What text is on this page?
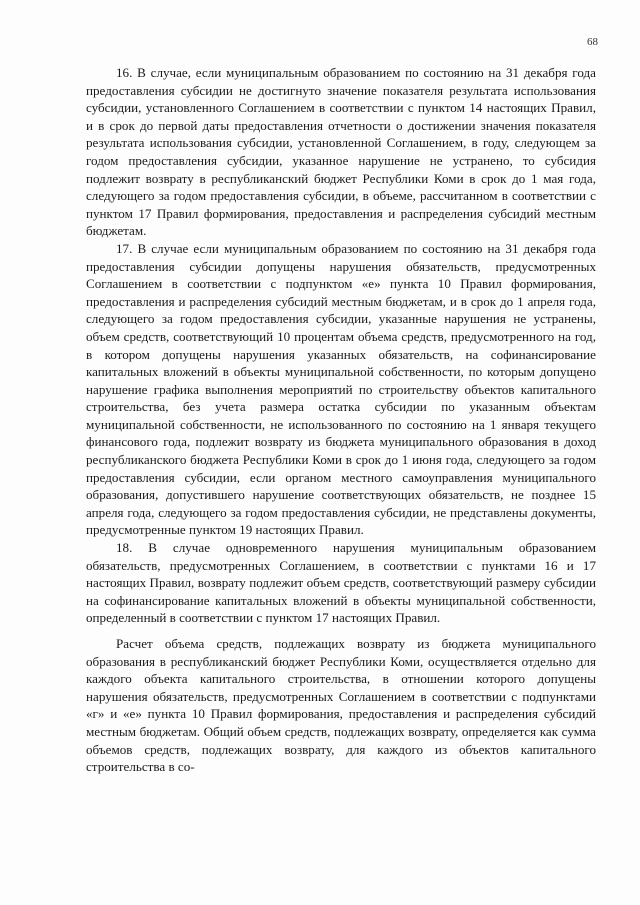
68

16. В случае, если муниципальным образованием по состоянию на 31 декабря года предоставления субсидии не достигнуто значение показателя результата использования субсидии, установленного Соглашением в соответствии с пунктом 14 настоящих Правил, и в срок до первой даты предоставления отчетности о достижении значения показателя результата использования субсидии, установленной Соглашением, в году, следующем за годом предоставления субсидии, указанное нарушение не устранено, то субсидия подлежит возврату в республиканский бюджет Республики Коми в срок до 1 мая года, следующего за годом предоставления субсидии, в объеме, рассчитанном в соответствии с пунктом 17 Правил формирования, предоставления и распределения субсидий местным бюджетам.

17. В случае если муниципальным образованием по состоянию на 31 декабря года предоставления субсидии допущены нарушения обязательств, предусмотренных Соглашением в соответствии с подпунктом «е» пункта 10 Правил формирования, предоставления и распределения субсидий местным бюджетам, и в срок до 1 апреля года, следующего за годом предоставления субсидии, указанные нарушения не устранены, объем средств, соответствующий 10 процентам объема средств, предусмотренного на год, в котором допущены нарушения указанных обязательств, на софинансирование капитальных вложений в объекты муниципальной собственности, по которым допущено нарушение графика выполнения мероприятий по строительству объектов капитального строительства, без учета размера остатка субсидии по указанным объектам муниципальной собственности, не использованного по состоянию на 1 января текущего финансового года, подлежит возврату из бюджета муниципального образования в доход республиканского бюджета Республики Коми в срок до 1 июня года, следующего за годом предоставления субсидии, если органом местного самоуправления муниципального образования, допустившего нарушение соответствующих обязательств, не позднее 15 апреля года, следующего за годом предоставления субсидии, не представлены документы, предусмотренные пунктом 19 настоящих Правил.

18. В случае одновременного нарушения муниципальным образованием обязательств, предусмотренных Соглашением, в соответствии с пунктами 16 и 17 настоящих Правил, возврату подлежит объем средств, соответствующий размеру субсидии на софинансирование капитальных вложений в объекты муниципальной собственности, определенный в соответствии с пунктом 17 настоящих Правил.

Расчет объема средств, подлежащих возврату из бюджета муниципального образования в республиканский бюджет Республики Коми, осуществляется отдельно для каждого объекта капитального строительства, в отношении которого допущены нарушения обязательств, предусмотренных Соглашением в соответствии с подпунктами «г» и «е» пункта 10 Правил формирования, предоставления и распределения субсидий местным бюджетам. Общий объем средств, подлежащих возврату, определяется как сумма объемов средств, подлежащих возврату, для каждого из объектов капитального строительства в со-
